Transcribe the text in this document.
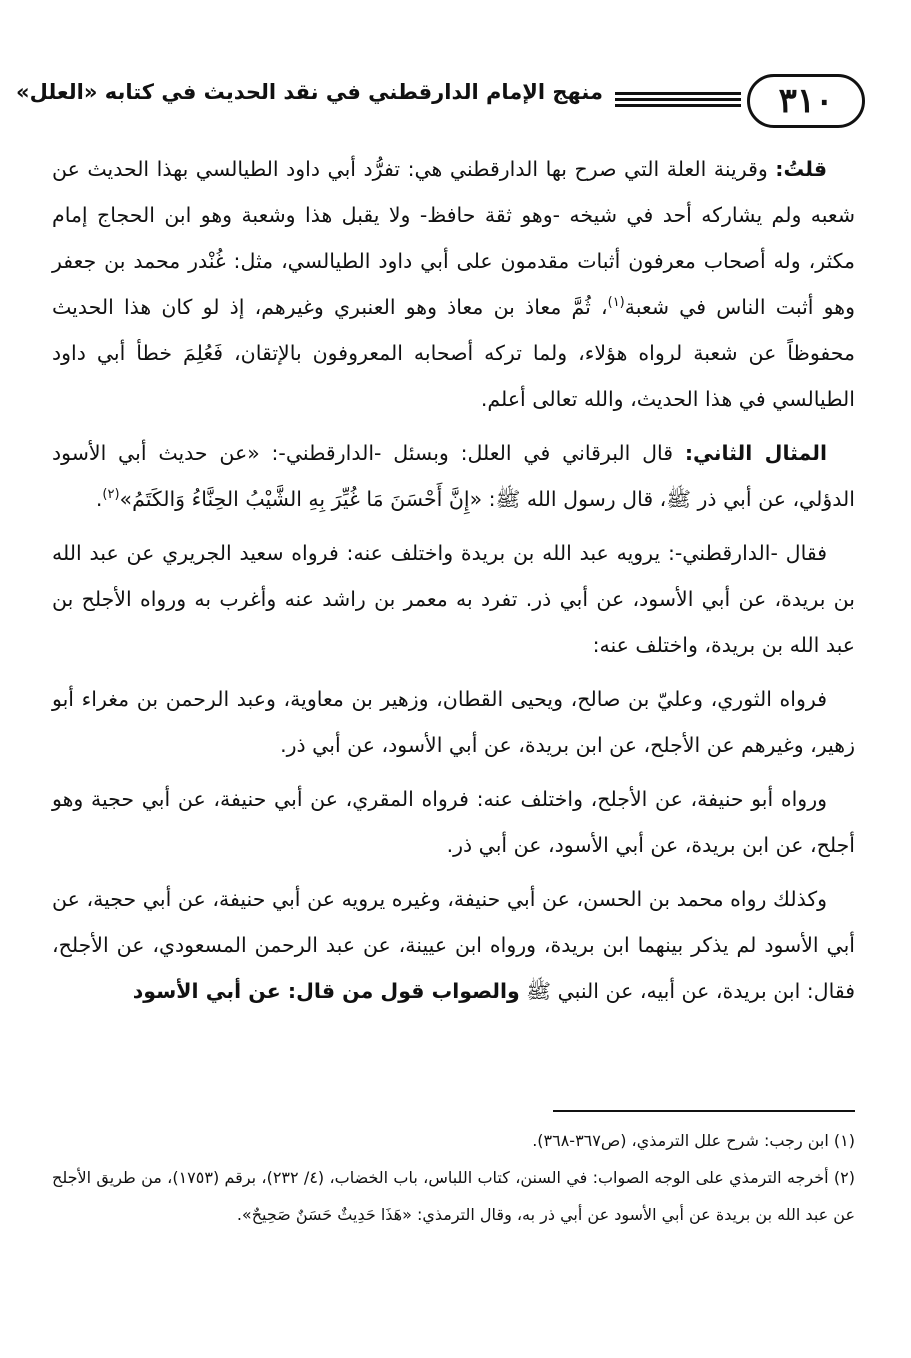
٣١٠
منهج الإمام الدارقطني في نقد الحديث في كتابه «العلل»

قلتُ: وقرينة العلة التي صرح بها الدارقطني هي: تفرُّد أبي داود الطيالسي بهذا الحديث عن شعبه ولم يشاركه أحد في شيخه -وهو ثقة حافظ- ولا يقبل هذا وشعبة وهو ابن الحجاج إمام مكثر، وله أصحاب معرفون أثبات مقدمون على أبي داود الطيالسي، مثل: غُنْدر محمد بن جعفر وهو أثبت الناس في شعبة$^{(١)}$، ثُمَّ معاذ بن معاذ وهو العنبري وغيرهم، إذ لو كان هذا الحديث محفوظاً عن شعبة لرواه هؤلاء، ولما تركه أصحابه المعروفون بالإتقان، فَعُلِمَ خطأ أبي داود الطيالسي في هذا الحديث، والله تعالى أعلم.

المثال الثاني: قال البرقاني في العلل: وبسئل -الدارقطني-: «عن حديث أبي الأسود الدؤلي، عن أبي ذر ﷺ، قال رسول الله ﷺ: «إِنَّ أَحْسَنَ مَا غُيِّرَ بِهِ الشَّيْبُ الحِنَّاءُ وَالكَتَمُ»$^{(٢)}$.

فقال -الدارقطني-: يرويه عبد الله بن بريدة واختلف عنه: فرواه سعيد الجريري عن عبد الله بن بريدة، عن أبي الأسود، عن أبي ذر. تفرد به معمر بن راشد عنه وأغرب به ورواه الأجلح بن عبد الله بن بريدة، واختلف عنه:

فرواه الثوري، وعليّ بن صالح، ويحيى القطان، وزهير بن معاوية، وعبد الرحمن بن مغراء أبو زهير، وغيرهم عن الأجلح، عن ابن بريدة، عن أبي الأسود، عن أبي ذر.

ورواه أبو حنيفة، عن الأجلح، واختلف عنه: فرواه المقري، عن أبي حنيفة، عن أبي حجية وهو أجلح، عن ابن بريدة، عن أبي الأسود، عن أبي ذر.

وكذلك رواه محمد بن الحسن، عن أبي حنيفة، وغيره يرويه عن أبي حنيفة، عن أبي حجية، عن أبي الأسود لم يذكر بينهما ابن بريدة، ورواه ابن عيينة، عن عبد الرحمن المسعودي، عن الأجلح، فقال: ابن بريدة، عن أبيه، عن النبي ﷺ والصواب قول من قال: عن أبي الأسود

(١) ابن رجب: شرح علل الترمذي، (ص٣٦٧-٣٦٨).

(٢) أخرجه الترمذي على الوجه الصواب: في السنن، كتاب اللباس، باب الخضاب، (٤/ ٢٣٢)، برقم (١٧٥٣)، من طريق الأجلح عن عبد الله بن بريدة عن أبي الأسود عن أبي ذر به، وقال الترمذي: «هَذَا حَدِيثٌ حَسَنٌ صَحِيحٌ».
